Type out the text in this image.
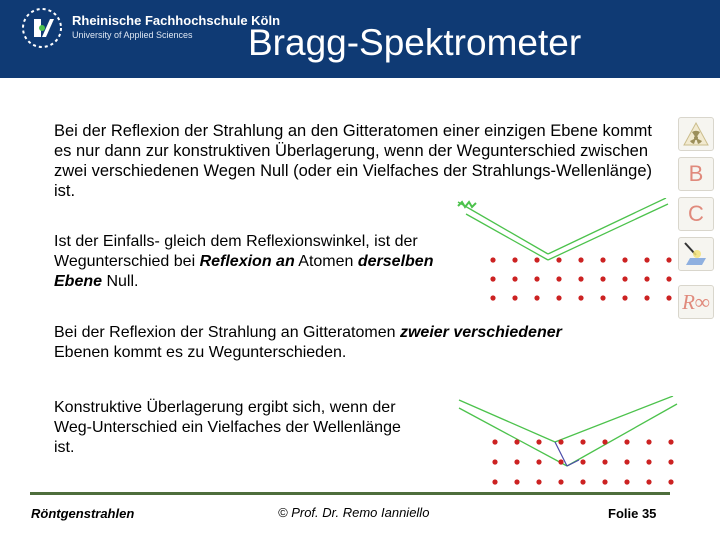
Rheinische Fachhochschule Köln
University of Applied Sciences Bragg-Spektrometer

Bei der Reflexion der Strahlung an den Gitteratomen einer einzigen Ebene kommt es nur dann zur konstruktiven Überlagerung, wenn der Wegunterschied zwischen zwei verschiedenen Wegen Null (oder ein Vielfaches der Strahlungs-Wellenlänge) ist.

Ist der Einfalls- gleich dem Reflexionswinkel, ist der Wegunterschied bei Reflexion an Atomen derselben Ebene Null.

Bei der Reflexion der Strahlung an Gitteratomen zweier verschiedener Ebenen kommt es zu Wegunterschieden.

Konstruktive Überlagerung ergibt sich, wenn der Weg-Unterschied ein Vielfaches der Wellenlänge ist.

B
C
R∞
Röntgenstrahlen	© Prof. Dr. Remo Ianniello	Folie 35
